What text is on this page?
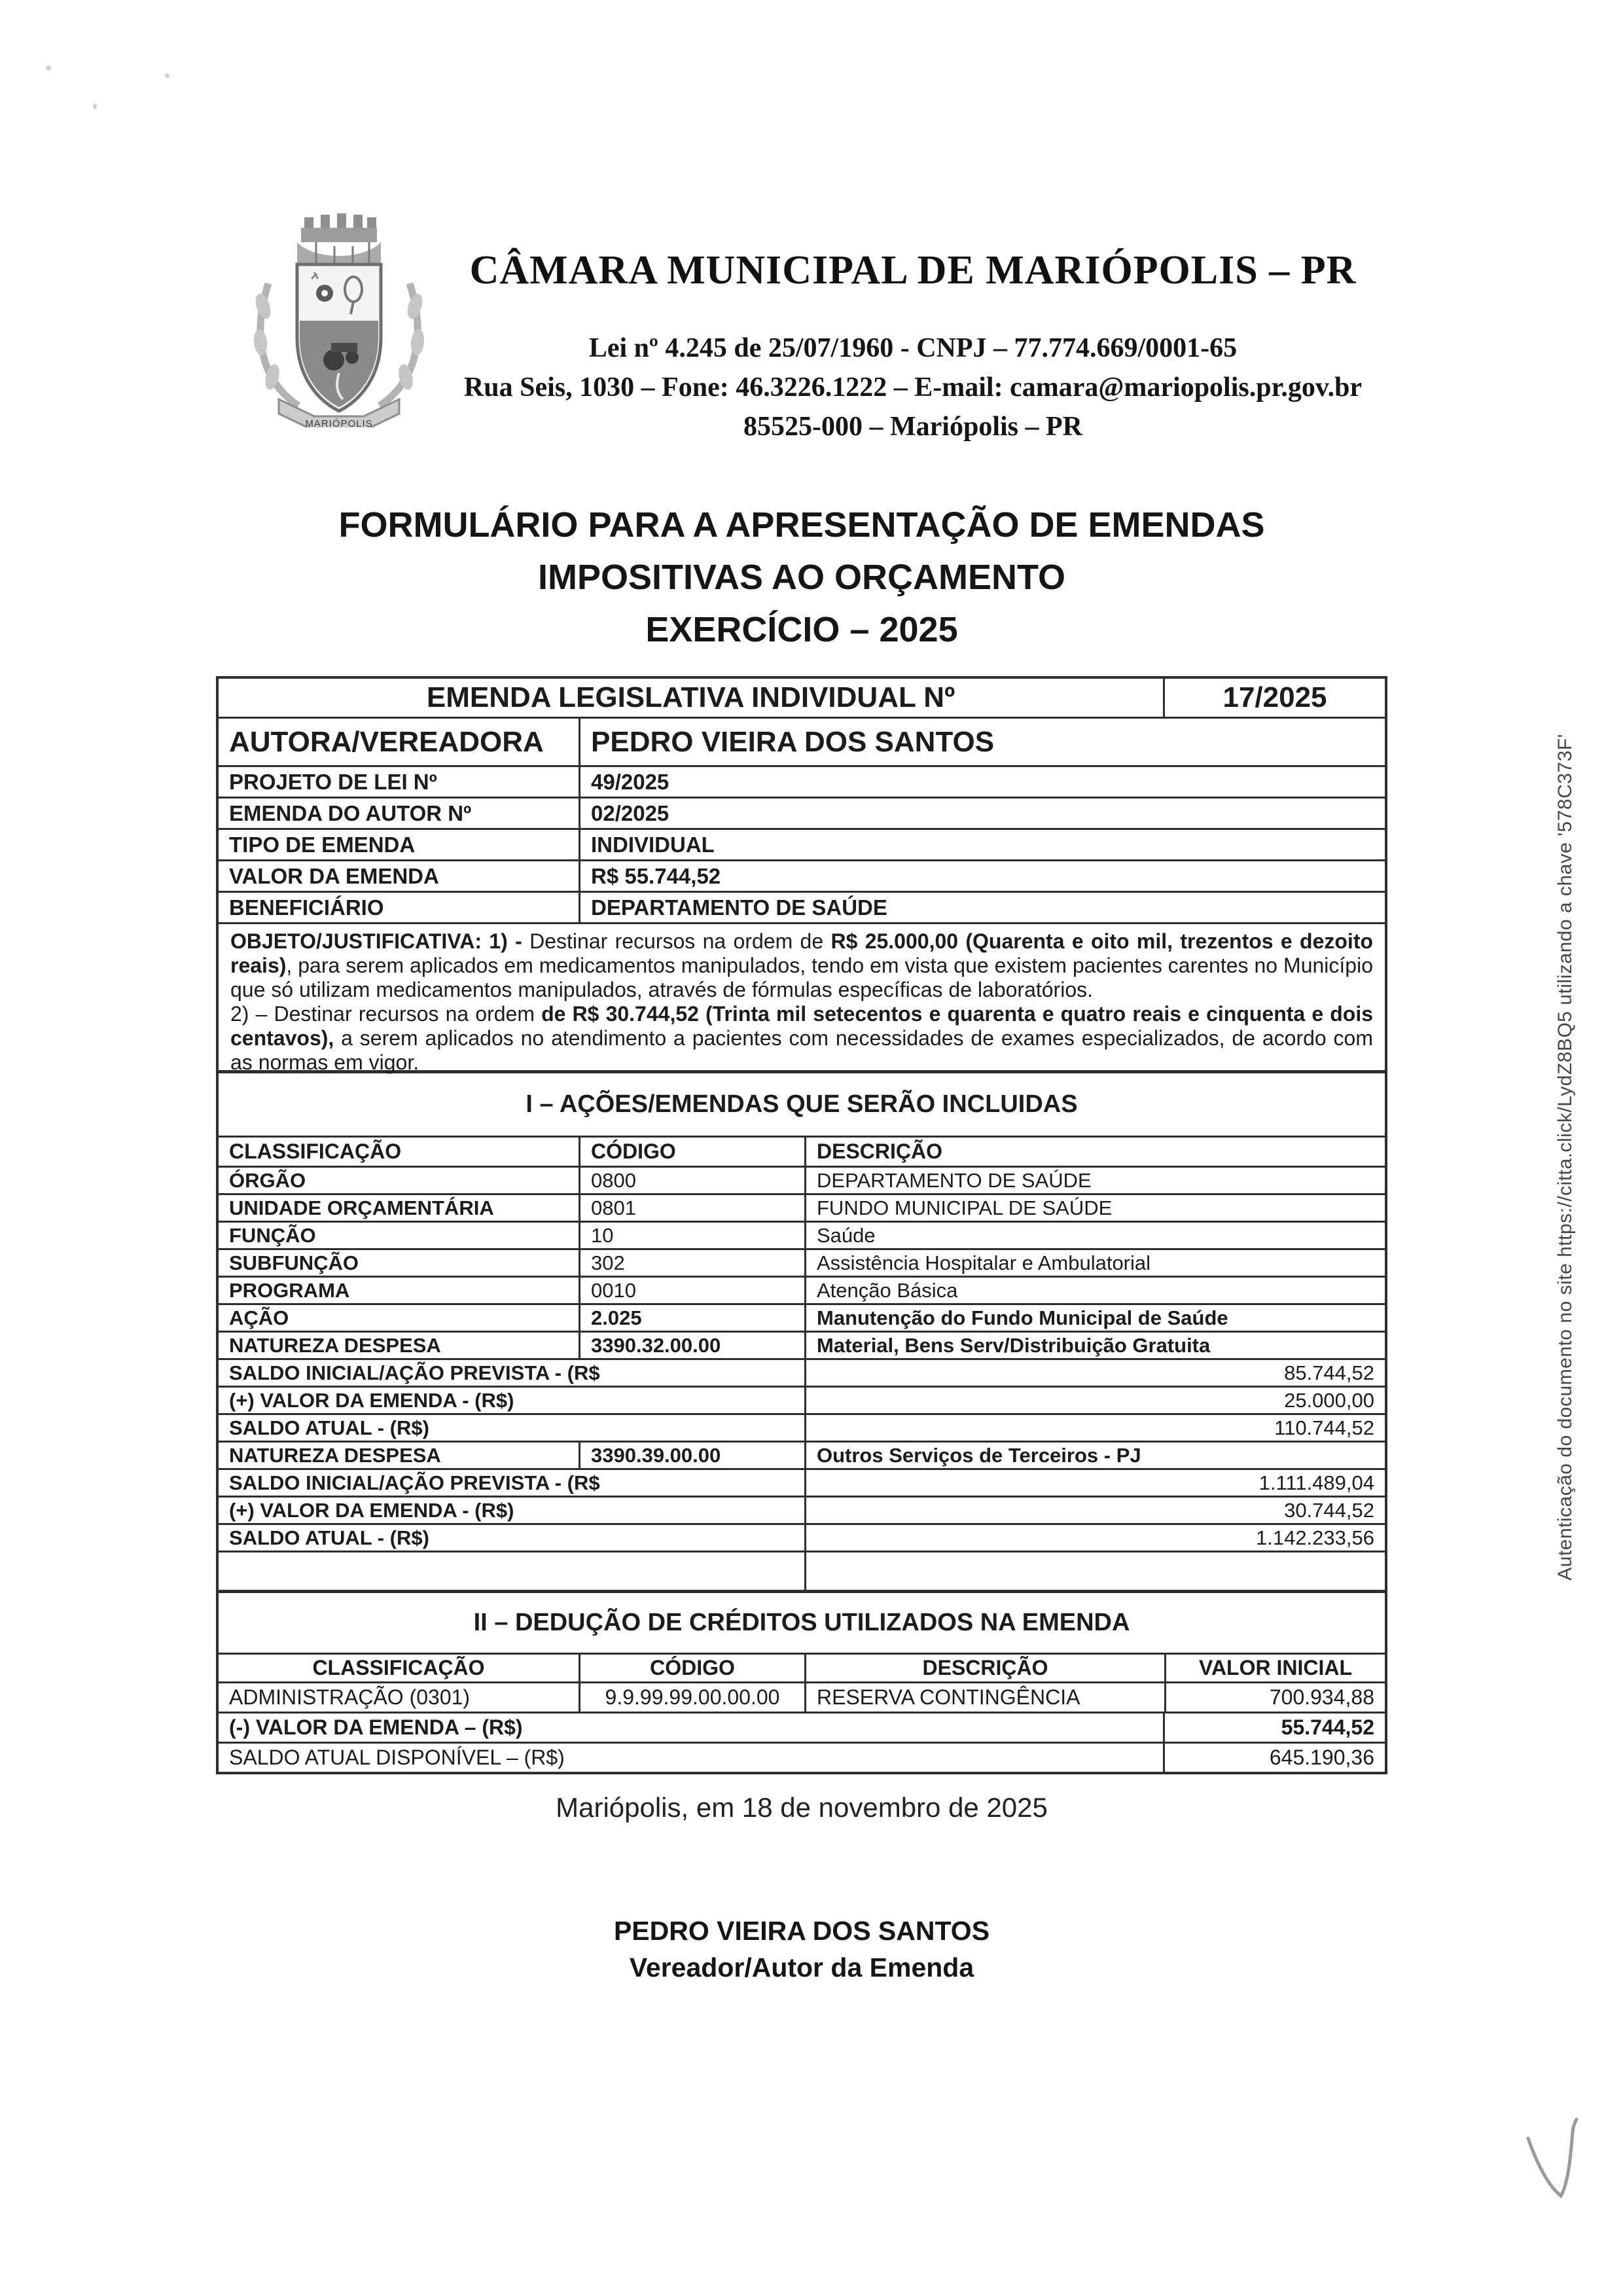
MARIÓPOLIS
CÂMARA MUNICIPAL DE MARIÓPOLIS – PR
Lei nº 4.245 de 25/07/1960 - CNPJ – 77.774.669/0001-65
Rua Seis, 1030 – Fone: 46.3226.1222 – E-mail: camara@mariopolis.pr.gov.br
85525-000 – Mariópolis – PR
FORMULÁRIO PARA A APRESENTAÇÃO DE EMENDAS
IMPOSITIVAS AO ORÇAMENTO
EXERCÍCIO – 2025
EMENDA LEGISLATIVA INDIVIDUAL Nº	17/2025
AUTORA/VEREADORA	PEDRO VIEIRA DOS SANTOS
PROJETO DE LEI Nº	49/2025
EMENDA DO AUTOR Nº	02/2025
TIPO DE EMENDA	INDIVIDUAL
VALOR DA EMENDA	R$ 55.744,52
BENEFICIÁRIO	DEPARTAMENTO DE SAÚDE
OBJETO/JUSTIFICATIVA: 1) - Destinar recursos na ordem de R$ 25.000,00 (Quarenta e oito mil, trezentos e dezoito reais), para serem aplicados em medicamentos manipulados, tendo em vista que existem pacientes carentes no Município que só utilizam medicamentos manipulados, através de fórmulas específicas de laboratórios.
2) – Destinar recursos na ordem de R$ 30.744,52 (Trinta mil setecentos e quarenta e quatro reais e cinquenta e dois centavos), a serem aplicados no atendimento a pacientes com necessidades de exames especializados, de acordo com as normas em vigor.
I – AÇÕES/EMENDAS QUE SERÃO INCLUIDAS
CLASSIFICAÇÃO	CÓDIGO	DESCRIÇÃO
ÓRGÃO	0800	DEPARTAMENTO DE SAÚDE
UNIDADE ORÇAMENTÁRIA	0801	FUNDO MUNICIPAL DE SAÚDE
FUNÇÃO	10	Saúde
SUBFUNÇÃO	302	Assistência Hospitalar e Ambulatorial
PROGRAMA	0010	Atenção Básica
AÇÃO	2.025	Manutenção do Fundo Municipal de Saúde
NATUREZA DESPESA	3390.32.00.00	Material, Bens Serv/Distribuição Gratuita
SALDO INICIAL/AÇÃO PREVISTA - (R$	85.744,52
(+) VALOR DA EMENDA - (R$)	25.000,00
SALDO ATUAL - (R$)	110.744,52
NATUREZA DESPESA	3390.39.00.00	Outros Serviços de Terceiros - PJ
SALDO INICIAL/AÇÃO PREVISTA - (R$	1.111.489,04
(+) VALOR DA EMENDA - (R$)	30.744,52
SALDO ATUAL - (R$)	1.142.233,56
II – DEDUÇÃO DE CRÉDITOS UTILIZADOS NA EMENDA
CLASSIFICAÇÃO	CÓDIGO	DESCRIÇÃO	VALOR INICIAL
ADMINISTRAÇÃO (0301)	9.9.99.99.00.00.00	RESERVA CONTINGÊNCIA	700.934,88
(-) VALOR DA EMENDA – (R$)	55.744,52
SALDO ATUAL DISPONÍVEL – (R$)	645.190,36
Mariópolis, em 18 de novembro de 2025
PEDRO VIEIRA DOS SANTOS
Vereador/Autor da Emenda
Autenticação do documento no site https://citta.click/LydZ8BQ5 utilizando a chave '578C373F'
